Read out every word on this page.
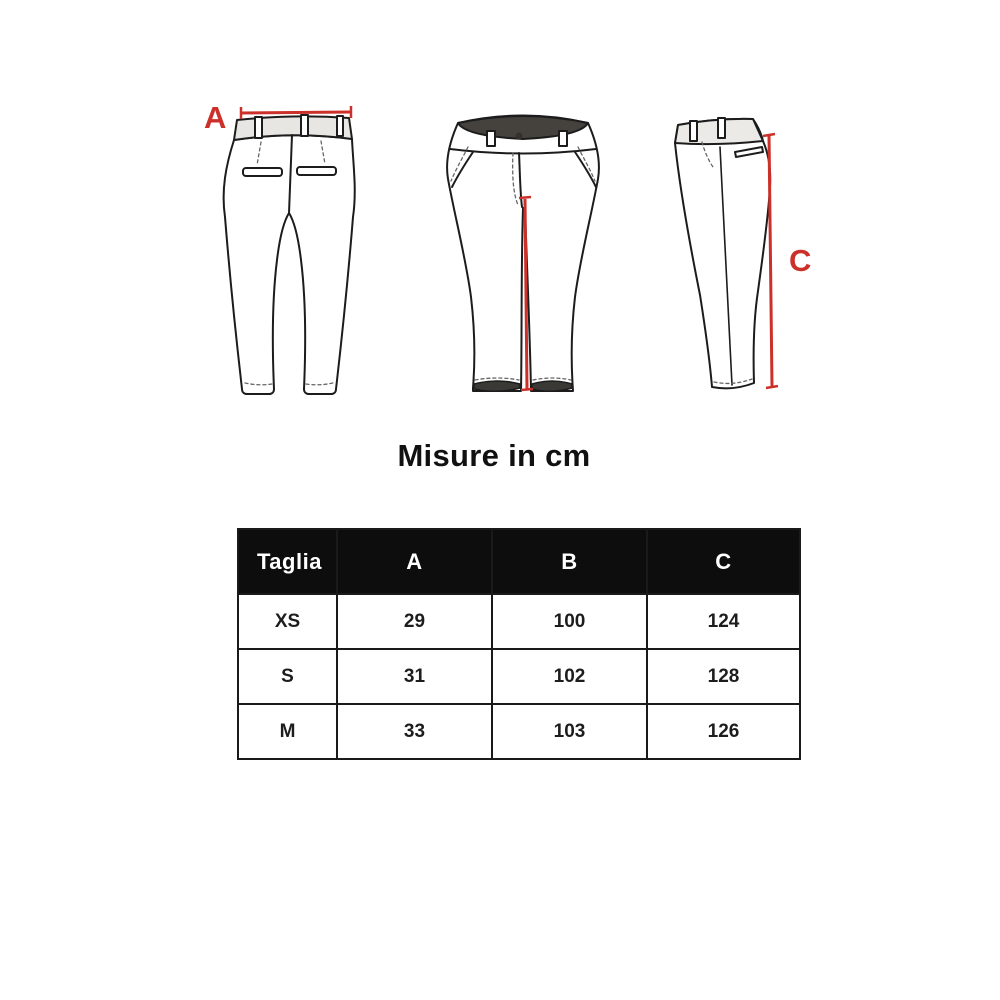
A
C
Misure in cm
Taglia	A	B	C
XS	29	100	124
S	31	102	128
M	33	103	126
